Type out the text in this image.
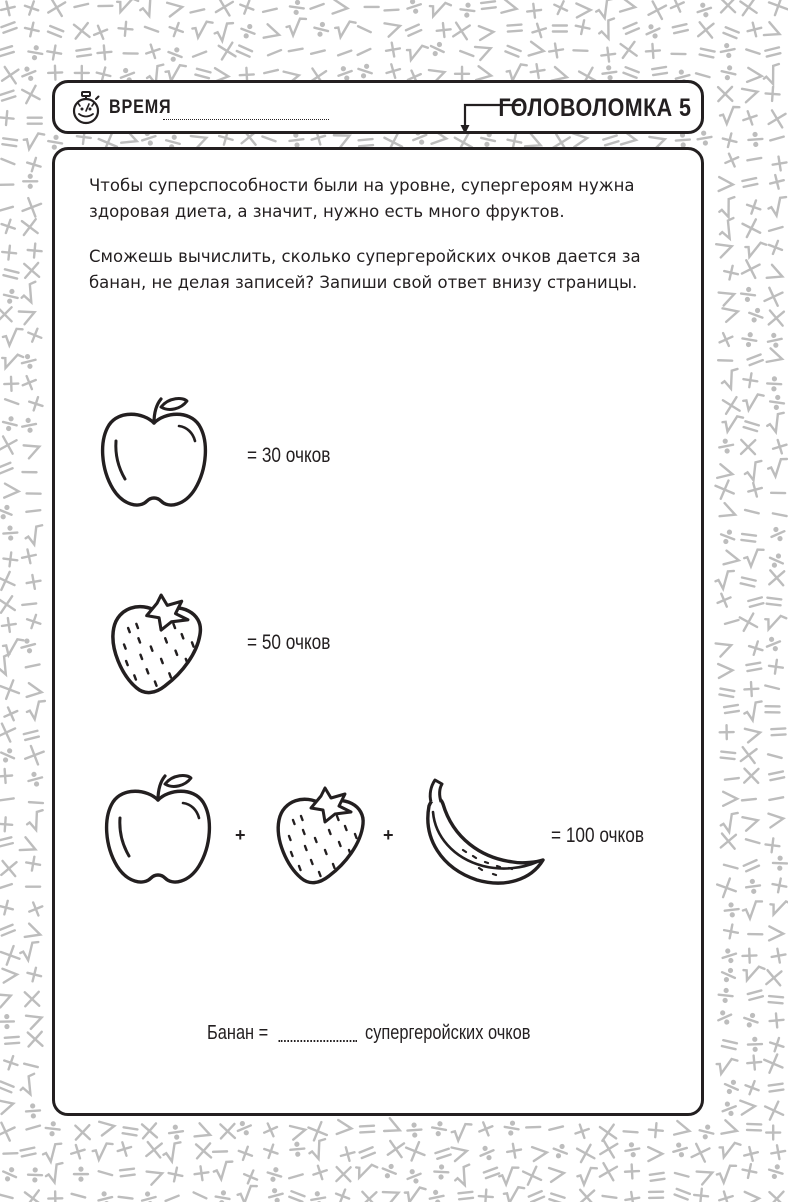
ВРЕМЯ	ГОЛОВОЛОМКА 5

Чтобы суперспособности были на уровне, супергероям нужна здоровая диета, а значит, нужно есть много фруктов.

Сможешь вычислить, сколько супергеройских очков дается за банан, не делая записей? Запиши свой ответ внизу страницы.

= 30 очков
= 50 очков
+	+	= 100 очков
Банан =	супергеройских очков
